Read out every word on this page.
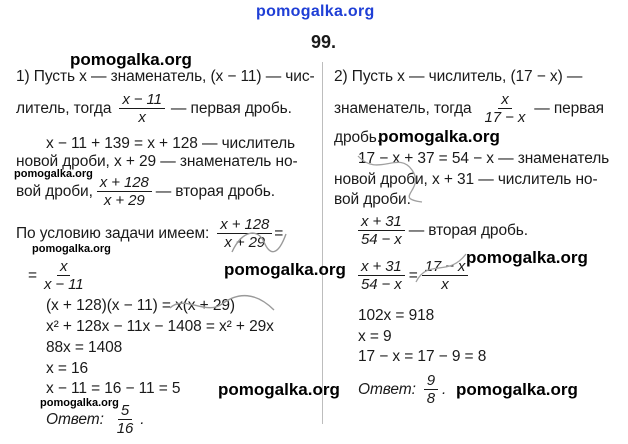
pomogalka.org
99.
pomogalka.org
1) Пусть x — знаменатель, (x − 11) — чис-
литель, тогда $\frac{x - 11}{x}$ — первая дробь.
x − 11 + 139 = x + 128 — числитель
новой дроби, x + 29 — знаменатель но-
pomogalka.org
вой дроби, $\frac{x + 128}{x + 29}$ — вторая дробь.
По условию задачи имеем: $\frac{x + 128}{x + 29}$ =
pomogalka.org
= $\frac{x}{x - 11}$
(x + 128)(x − 11) = x(x + 29)
x² + 128x − 11x − 1408 = x² + 29x
88x = 1408
x = 16
x − 11 = 16 − 11 = 5
pomogalka.org
Ответ: $\frac{5}{16}$ .
2) Пусть x — числитель, (17 − x) —
знаменатель, тогда $\frac{x}{17 - x}$ — первая
дробь.
pomogalka.org
17 − x + 37 = 54 − x — знаменатель
новой дроби, x + 31 — числитель но-
вой дроби.
$\frac{x + 31}{54 - x}$ — вторая дробь.
$\frac{x + 31}{54 - x} = \frac{17 - x}{x}$
pomogalka.org
pomogalka.org
102x = 918
x = 9
17 − x = 17 − 9 = 8
Ответ: $\frac{9}{8}$ .
pomogalka.org	pomogalka.org
